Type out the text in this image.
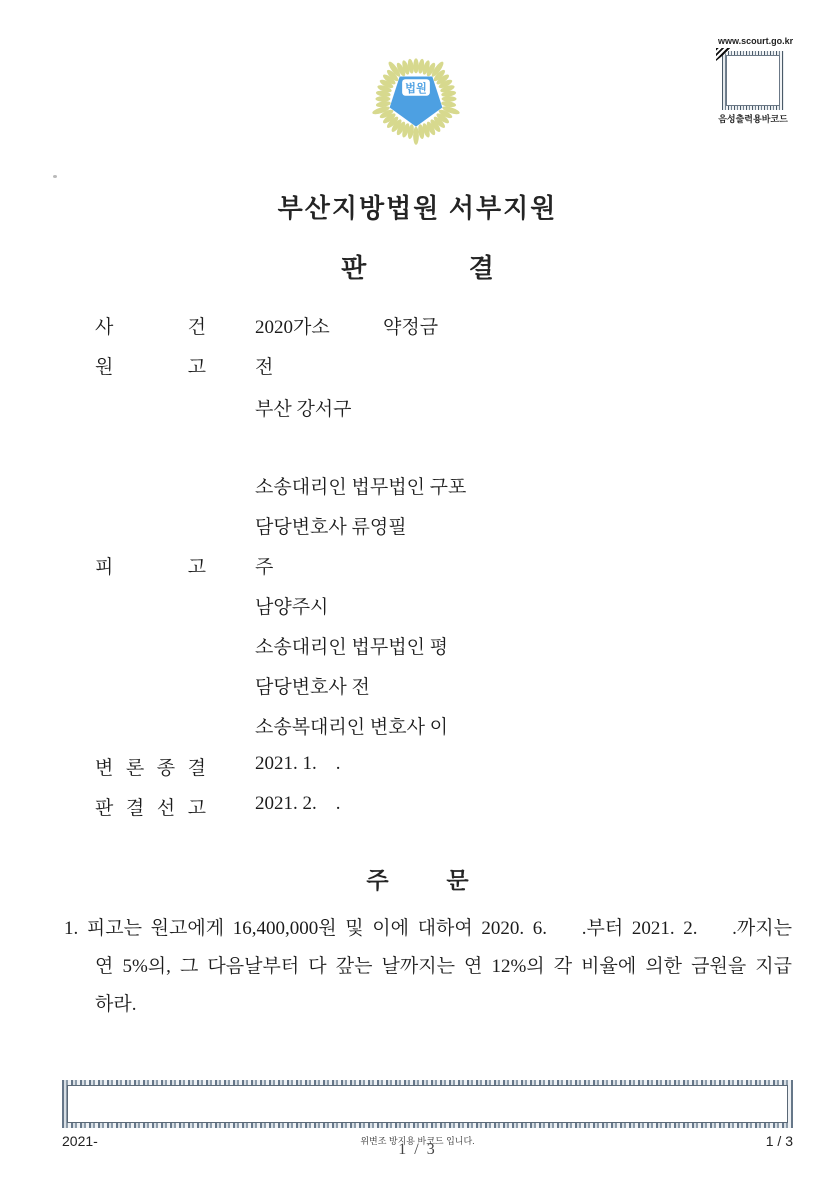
법원
www.scourt.go.kr
음성출력용바코드
부산지방법원 서부지원
판 결
사 건	2020가소	약정금
원 고	전
부산 강서구
소송대리인 법무법인 구포
담당변호사 류영필
피 고	주
남양주시
소송대리인 법무법인 평
담당변호사 전
소송복대리인 변호사 이
변 론 종 결	2021. 1.    .
판 결 선 고	2021. 2.    .
주 문
1. 피고는 원고에게 16,400,000원 및 이에 대하여 2020. 6.    .부터 2021. 2.    .까지는
연 5%의, 그 다음날부터 다 갚는 날까지는 연 12%의 각 비율에 의한 금원을 지급
하라.
2021-	위변조 방지용 바코드 입니다.
1 / 3	1 / 3
